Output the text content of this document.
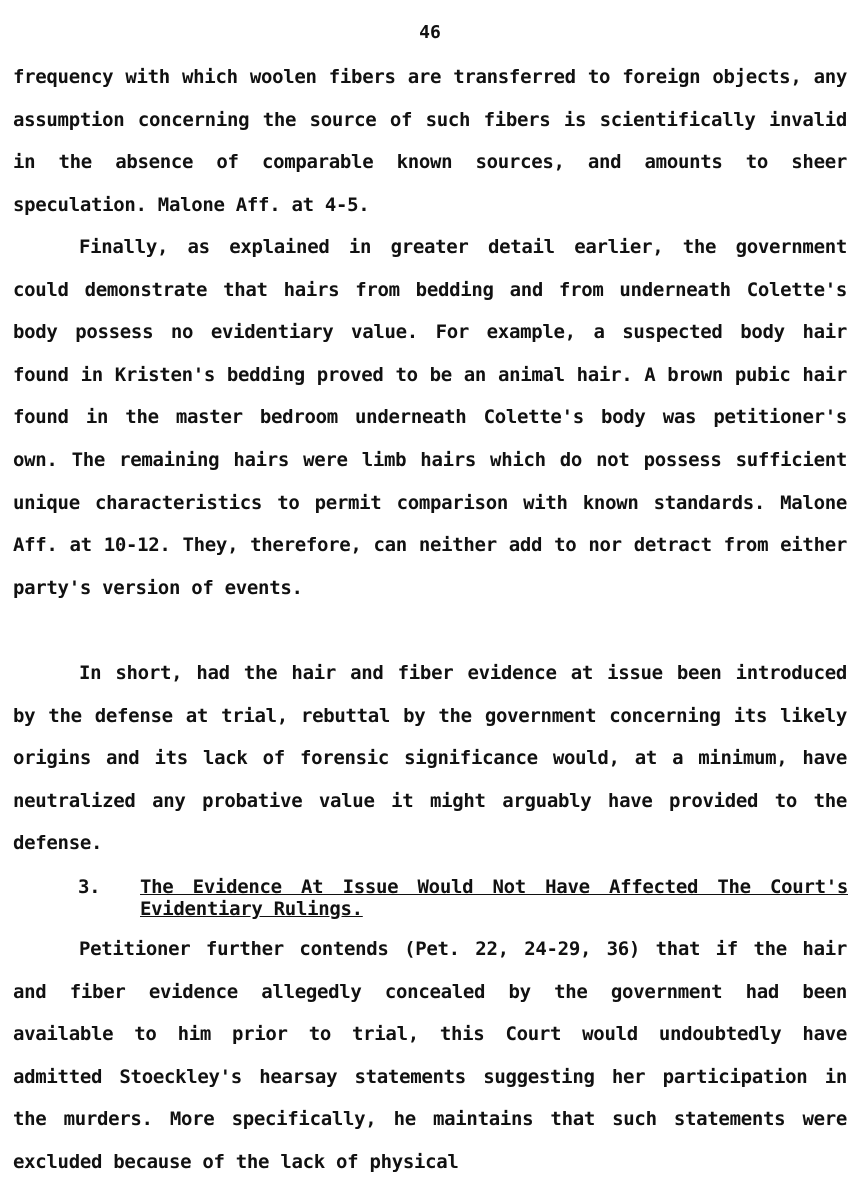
46

frequency with which woolen fibers are transferred to foreign objects, any assumption concerning the source of such fibers is scientifically invalid in the absence of comparable known sources, and amounts to sheer speculation. Malone Aff. at 4-5.

Finally, as explained in greater detail earlier, the government could demonstrate that hairs from bedding and from underneath Colette's body possess no evidentiary value. For example, a suspected body hair found in Kristen's bedding proved to be an animal hair. A brown pubic hair found in the master bedroom underneath Colette's body was petitioner's own. The remaining hairs were limb hairs which do not possess sufficient unique characteristics to permit comparison with known standards. Malone Aff. at 10-12. They, therefore, can neither add to nor detract from either party's version of events.

In short, had the hair and fiber evidence at issue been introduced by the defense at trial, rebuttal by the government concerning its likely origins and its lack of forensic significance would, at a minimum, have neutralized any probative value it might arguably have provided to the defense.

3. The Evidence At Issue Would Not Have Affected The Court's Evidentiary Rulings.

Petitioner further contends (Pet. 22, 24-29, 36) that if the hair and fiber evidence allegedly concealed by the government had been available to him prior to trial, this Court would undoubtedly have admitted Stoeckley's hearsay statements suggesting her participation in the murders. More specifically, he maintains that such statements were excluded because of the lack of physical
